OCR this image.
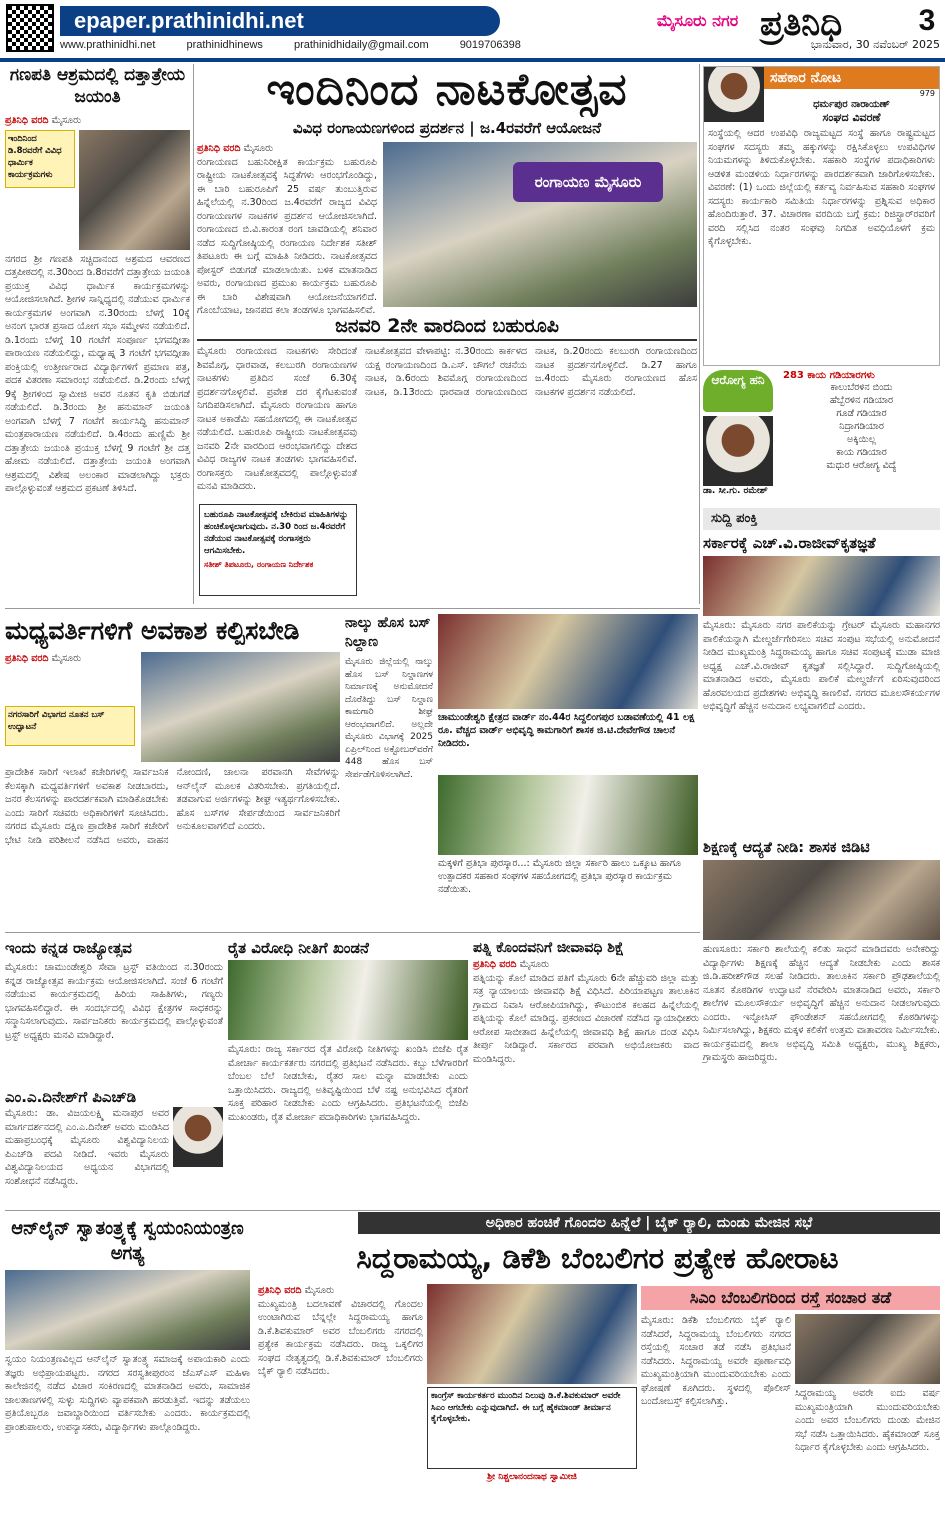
epaper.prathinidhi.net
www.prathinidhi.net	prathinidhinews	prathinidhidaily@gmail.com	9019706398
ಮೈಸೂರು ನಗರ ಪ್ರತಿನಿಧಿ	3
ಭಾನುವಾರ, 30 ನವೆಂಬರ್ 2025
ಗಣಪತಿ ಆಶ್ರಮದಲ್ಲಿ ದತ್ತಾತ್ರೇಯ ಜಯಂತಿ
ಪ್ರತಿನಿಧಿ ವರದಿ ಮೈಸೂರು
ಇಂದಿನಿಂದ ಡಿ.8ರವರೆಗೆ ವಿವಿಧ ಧಾರ್ಮಿಕ ಕಾರ್ಯಕ್ರಮಗಳು
ನಗರದ ಶ್ರೀ ಗಣಪತಿ ಸಚ್ಚಿದಾನಂದ ಆಶ್ರಮದ ಆವರಣದ ದತ್ತಪೀಠದಲ್ಲಿ ನ.30ರಿಂದ ಡಿ.8ರವರೆಗೆ ದತ್ತಾತ್ರೇಯ ಜಯಂತಿ ಪ್ರಯುಕ್ತ ವಿವಿಧ ಧಾರ್ಮಿಕ ಕಾರ್ಯಕ್ರಮಗಳನ್ನು ಆಯೋಜಿಸಲಾಗಿದೆ. ಶ್ರೀಗಳ ಸಾನ್ನಿಧ್ಯದಲ್ಲಿ ನಡೆಯುವ ಧಾರ್ಮಿಕ ಕಾರ್ಯಕ್ರಮಗಳ ಅಂಗವಾಗಿ ನ.30ರಂದು ಬೆಳಗ್ಗೆ 10ಕ್ಕೆ ಅನಂಗ ಭಾರತ ಪ್ರಸಾದ ಯೋಗ ಸಭಾ ಸಮ್ಮೇಳನ ನಡೆಯಲಿದೆ. ಡಿ.1ರಂದು ಬೆಳಗ್ಗೆ 10 ಗಂಟೆಗೆ ಸಂಪೂರ್ಣ ಭಗವದ್ಗೀತಾ ಪಾರಾಯಣ ನಡೆಯಲಿದ್ದು, ಮಧ್ಯಾಹ್ನ 3 ಗಂಟೆಗೆ ಭಗವದ್ಗೀತಾ ಪಂಕ್ತಿಯಲ್ಲಿ ಉತ್ತೀರ್ಣರಾದ ವಿದ್ಯಾರ್ಥಿಗಳಿಗೆ ಪ್ರಮಾಣ ಪತ್ರ, ಪದಕ ವಿತರಣಾ ಸಮಾರಂಭ ನಡೆಯಲಿದೆ. ಡಿ.2ರಂದು ಬೆಳಗ್ಗೆ 9ಕ್ಕೆ ಶ್ರೀಗಳಿಂದ ಸ್ವಾಮೀಜಿ ಅವರ ನೂತನ ಕೃತಿ ಬಿಡುಗಡೆ ನಡೆಯಲಿದೆ. ಡಿ.3ರಂದು ಶ್ರೀ ಹನುಮಾನ್ ಜಯಂತಿ ಅಂಗವಾಗಿ ಬೆಳಗ್ಗೆ 7 ಗಂಟೆಗೆ ಕಾರ್ಯಸಿದ್ಧಿ ಹನುಮಾನ್ ಮಂತ್ರಪಾರಾಯಣ ನಡೆಯಲಿದೆ. ಡಿ.4ರಂದು ಹುಣ್ಣಿಮೆ ಶ್ರೀ ದತ್ತಾತ್ರೇಯ ಜಯಂತಿ ಪ್ರಯುಕ್ತ ಬೆಳಗ್ಗೆ 9 ಗಂಟೆಗೆ ಶ್ರೀ ದತ್ತ ಹೋಮ ನಡೆಯಲಿದೆ. ದತ್ತಾತ್ರೇಯ ಜಯಂತಿ ಅಂಗವಾಗಿ ಆಶ್ರಮದಲ್ಲಿ ವಿಶೇಷ ಅಲಂಕಾರ ಮಾಡಲಾಗಿದ್ದು ಭಕ್ತರು ಪಾಲ್ಗೊಳ್ಳುವಂತೆ ಆಶ್ರಮದ ಪ್ರಕಟಣೆ ತಿಳಿಸಿದೆ.
ಇಂದಿನಿಂದ ನಾಟಕೋತ್ಸವ
ವಿವಿಧ ರಂಗಾಯಣಗಳಿಂದ ಪ್ರದರ್ಶನ | ಜ.4ರವರೆಗೆ ಆಯೋಜನೆ
ಪ್ರತಿನಿಧಿ ವರದಿ ಮೈಸೂರು
ರಂಗಾಯಣದ ಬಹುನಿರೀಕ್ಷಿತ ಕಾರ್ಯಕ್ರಮ ಬಹುರೂಪಿ ರಾಷ್ಟ್ರೀಯ ನಾಟಕೋತ್ಸವಕ್ಕೆ ಸಿದ್ಧತೆಗಳು ಆರಂಭಗೊಂಡಿದ್ದು, ಈ ಬಾರಿ ಬಹುರೂಪಿಗೆ 25 ವರ್ಷ ತುಂಬುತ್ತಿರುವ ಹಿನ್ನೆಲೆಯಲ್ಲಿ ನ.30ರಿಂದ ಜ.4ರವರೆಗೆ ರಾಜ್ಯದ ವಿವಿಧ ರಂಗಾಯಣಗಳ ನಾಟಕಗಳ ಪ್ರದರ್ಶನ ಆಯೋಜಿಸಲಾಗಿದೆ. ರಂಗಾಯಣದ ಬಿ.ವಿ.ಕಾರಂತ ರಂಗ ಚಾವಡಿಯಲ್ಲಿ ಶನಿವಾರ ನಡೆದ ಸುದ್ದಿಗೋಷ್ಠಿಯಲ್ಲಿ ರಂಗಾಯಣ ನಿರ್ದೇಶಕ ಸತೀಶ್ ತಿಪಟೂರು ಈ ಬಗ್ಗೆ ಮಾಹಿತಿ ನೀಡಿದರು. ನಾಟಕೋತ್ಸವದ ಪೋಸ್ಟರ್ ಬಿಡುಗಡೆ ಮಾಡಲಾಯಿತು. ಬಳಿಕ ಮಾತನಾಡಿದ ಅವರು, ರಂಗಾಯಣದ ಪ್ರಮುಖ ಕಾರ್ಯಕ್ರಮ ಬಹುರೂಪಿ ಈ ಬಾರಿ ವಿಶೇಷವಾಗಿ ಆಯೋಜನೆಯಾಗಲಿದೆ. ಗೊಂಬೆಯಾಟ, ಜಾನಪದ ಕಲಾ ತಂಡಗಳೂ ಭಾಗವಹಿಸಲಿವೆ.
ರಂಗಾಯಣ ಮೈಸೂರು
ಜನವರಿ 2ನೇ ವಾರದಿಂದ ಬಹುರೂಪಿ
ಮೈಸೂರು ರಂಗಾಯಣದ ನಾಟಕಗಳು ಸೇರಿದಂತೆ ಶಿವಮೊಗ್ಗ, ಧಾರವಾಡ, ಕಲಬುರಗಿ ರಂಗಾಯಣಗಳ ನಾಟಕಗಳು ಪ್ರತಿದಿನ ಸಂಜೆ 6.30ಕ್ಕೆ ಪ್ರದರ್ಶನಗೊಳ್ಳಲಿವೆ. ಪ್ರವೇಶ ದರ ಕೈಗೆಟಕುವಂತೆ ನಿಗದಿಪಡಿಸಲಾಗಿದೆ. ಮೈಸೂರು ರಂಗಾಯಣ ಹಾಗೂ ನಾಟಕ ಅಕಾಡೆಮಿ ಸಹಯೋಗದಲ್ಲಿ ಈ ನಾಟಕೋತ್ಸವ ನಡೆಯಲಿದೆ. ಬಹುರೂಪಿ ರಾಷ್ಟ್ರೀಯ ನಾಟಕೋತ್ಸವವು ಜನವರಿ 2ನೇ ವಾರದಿಂದ ಆರಂಭವಾಗಲಿದ್ದು ದೇಶದ ವಿವಿಧ ರಾಜ್ಯಗಳ ನಾಟಕ ತಂಡಗಳು ಭಾಗವಹಿಸಲಿವೆ. ರಂಗಾಸಕ್ತರು ನಾಟಕೋತ್ಸವದಲ್ಲಿ ಪಾಲ್ಗೊಳ್ಳುವಂತೆ ಮನವಿ ಮಾಡಿದರು.
ನಾಟಕೋತ್ಸವದ ವೇಳಾಪಟ್ಟಿ: ನ.30ರಂದು ಕಾರ್ಕಳದ ಯಕ್ಷ ರಂಗಾಯಣದಿಂದ ಡಿ.ಎಸ್. ಚೌಗಲೆ ರಚನೆಯ ನಾಟಕ, ಡಿ.6ರಂದು ಶಿವಮೊಗ್ಗ ರಂಗಾಯಣದಿಂದ ನಾಟಕ, ಡಿ.13ರಂದು ಧಾರವಾಡ ರಂಗಾಯಣದಿಂದ ನಾಟಕ, ಡಿ.20ರಂದು ಕಲಬುರಗಿ ರಂಗಾಯಣದಿಂದ ನಾಟಕ ಪ್ರದರ್ಶನಗೊಳ್ಳಲಿದೆ. ಡಿ.27 ಹಾಗೂ ಜ.4ರಂದು ಮೈಸೂರು ರಂಗಾಯಣದ ಹೊಸ ನಾಟಕಗಳ ಪ್ರದರ್ಶನ ನಡೆಯಲಿದೆ.
ಬಹುರೂಪಿ ನಾಟಕೋತ್ಸವಕ್ಕೆ ಬೇಕಿರುವ ಮಾಹಿತಿಗಳನ್ನು ಹಂಚಿಕೊಳ್ಳಲಾಗುವುದು. ನ.30 ರಿಂದ ಜ.4ರವರೆಗೆ ನಡೆಯುವ ನಾಟಕೋತ್ಸವಕ್ಕೆ ರಂಗಾಸಕ್ತರು ಆಗಮಿಸಬೇಕು.
ಸತೀಶ್ ತಿಪಟೂರು, ರಂಗಾಯಣ ನಿರ್ದೇಶಕ
ಸಹಕಾರ ನೋಟ
979
ಧರ್ಮಪುರ ನಾರಾಯಣ್
ಸಂಘದ ವಿವರಣೆ
ಸಂಸ್ಥೆಯಲ್ಲಿ ಆದರ ಉಪವಿಧಿ ರಾಜ್ಯಮಟ್ಟದ ಸಂಸ್ಥೆ ಹಾಗೂ ರಾಷ್ಟ್ರಮಟ್ಟದ ಸಂಘಗಳ ಸದಸ್ಯರು ತಮ್ಮ ಹಕ್ಕುಗಳನ್ನು ರಕ್ಷಿಸಿಕೊಳ್ಳಲು ಉಪವಿಧಿಗಳ ನಿಯಮಗಳನ್ನು ತಿಳಿದುಕೊಳ್ಳಬೇಕು. ಸಹಕಾರಿ ಸಂಸ್ಥೆಗಳ ಪದಾಧಿಕಾರಿಗಳು ಆಡಳಿತ ಮಂಡಳಿಯ ನಿರ್ಧಾರಗಳನ್ನು ಪಾರದರ್ಶಕವಾಗಿ ಜಾರಿಗೊಳಿಸಬೇಕು. ವಿವರಣೆ: (1) ಒಂದು ಜಿಲ್ಲೆಯಲ್ಲಿ ಕರ್ತವ್ಯ ನಿರ್ವಹಿಸುವ ಸಹಕಾರಿ ಸಂಘಗಳ ಸದಸ್ಯರು ಕಾರ್ಯಕಾರಿ ಸಮಿತಿಯ ನಿರ್ಧಾರಗಳನ್ನು ಪ್ರಶ್ನಿಸುವ ಅಧಿಕಾರ ಹೊಂದಿರುತ್ತಾರೆ. 37. ವಿಚಾರಣಾ ವರದಿಯ ಬಗ್ಗೆ ಕ್ರಮ: ರಿಜಿಸ್ಟ್ರಾರ್‌ರವರಿಗೆ ವರದಿ ಸಲ್ಲಿಸಿದ ನಂತರ ಸಂಘವು ನಿಗದಿತ ಅವಧಿಯೊಳಗೆ ಕ್ರಮ ಕೈಗೊಳ್ಳಬೇಕು.
ಆರೋಗ್ಯ ಹನಿ	283 ಕಾಯ ಗಡಿಯಾರಗಳು
ಕಾಲುಬೆರಳಿನ ಬಿಂದು
ಹೆಬ್ಬೆರಳಿನ ಗಡಿಯಾರ
ಗೂಡೆ ಗಡಿಯಾರ
ನಿದ್ರಾಗಡಿಯಾರ
ಅಕ್ಕಿಯಿಲ್ಲ
ಕಾಯ ಗಡಿಯಾರ
ಮಧುರ ಆರೋಗ್ಯ ವಿದ್ಯೆ
ಡಾ. ಸೀ.ಗು. ರಮೇಶ್
ಸುದ್ದಿ ಪಂಕ್ತಿ
ಸರ್ಕಾರಕ್ಕೆ ಎಚ್.ವಿ.ರಾಜೀವ್‌ಕೃತಜ್ಞತೆ
ಮೈಸೂರು: ಮೈಸೂರು ನಗರ ಪಾಲಿಕೆಯನ್ನು ಗ್ರೇಟರ್ ಮೈಸೂರು ಮಹಾನಗರ ಪಾಲಿಕೆಯನ್ನಾಗಿ ಮೇಲ್ದರ್ಜೆಗೇರಿಸಲು ಸಚಿವ ಸಂಪುಟ ಸಭೆಯಲ್ಲಿ ಅನುಮೋದನೆ ನೀಡಿದ ಮುಖ್ಯಮಂತ್ರಿ ಸಿದ್ದರಾಮಯ್ಯ ಹಾಗೂ ಸಚಿವ ಸಂಪುಟಕ್ಕೆ ಮುಡಾ ಮಾಜಿ ಅಧ್ಯಕ್ಷ ಎಚ್.ವಿ.ರಾಜೀವ್ ಕೃತಜ್ಞತೆ ಸಲ್ಲಿಸಿದ್ದಾರೆ. ಸುದ್ದಿಗೋಷ್ಠಿಯಲ್ಲಿ ಮಾತನಾಡಿದ ಅವರು, ಮೈಸೂರು ಪಾಲಿಕೆ ಮೇಲ್ದರ್ಜೆಗೆ ಏರಿಸುವುದರಿಂದ ಹೊರವಲಯದ ಪ್ರದೇಶಗಳು ಅಭಿವೃದ್ಧಿ ಕಾಣಲಿವೆ. ನಗರದ ಮೂಲಸೌಕರ್ಯಗಳ ಅಭಿವೃದ್ಧಿಗೆ ಹೆಚ್ಚಿನ ಅನುದಾನ ಲಭ್ಯವಾಗಲಿದೆ ಎಂದರು.
ಶಿಕ್ಷಣಕ್ಕೆ ಆದ್ಯತೆ ನೀಡಿ: ಶಾಸಕ ಜಿಡಿಟಿ
ಹುಣಸೂರು: ಸರ್ಕಾರಿ ಶಾಲೆಯಲ್ಲಿ ಕಲಿತು ಸಾಧನೆ ಮಾಡಿದವರು ಅನೇಕರಿದ್ದು ವಿದ್ಯಾರ್ಥಿಗಳು ಶಿಕ್ಷಣಕ್ಕೆ ಹೆಚ್ಚಿನ ಆದ್ಯತೆ ನೀಡಬೇಕು ಎಂದು ಶಾಸಕ ಜಿ.ಡಿ.ಹರೀಶ್‌ಗೌಡ ಸಲಹೆ ನೀಡಿದರು. ತಾಲೂಕಿನ ಸರ್ಕಾರಿ ಪ್ರೌಢಶಾಲೆಯಲ್ಲಿ ನೂತನ ಕೊಠಡಿಗಳ ಉದ್ಘಾಟನೆ ನೆರವೇರಿಸಿ ಮಾತನಾಡಿದ ಅವರು, ಸರ್ಕಾರಿ ಶಾಲೆಗಳ ಮೂಲಸೌಕರ್ಯ ಅಭಿವೃದ್ಧಿಗೆ ಹೆಚ್ಚಿನ ಅನುದಾನ ನೀಡಲಾಗುವುದು ಎಂದರು. ಇನ್ಫೋಸಿಸ್ ಫೌಂಡೇಶನ್ ಸಹಯೋಗದಲ್ಲಿ ಕೊಠಡಿಗಳನ್ನು ನಿರ್ಮಿಸಲಾಗಿದ್ದು, ಶಿಕ್ಷಕರು ಮಕ್ಕಳ ಕಲಿಕೆಗೆ ಉತ್ತಮ ವಾತಾವರಣ ನಿರ್ಮಿಸಬೇಕು. ಕಾರ್ಯಕ್ರಮದಲ್ಲಿ ಶಾಲಾ ಅಭಿವೃದ್ಧಿ ಸಮಿತಿ ಅಧ್ಯಕ್ಷರು, ಮುಖ್ಯ ಶಿಕ್ಷಕರು, ಗ್ರಾಮಸ್ಥರು ಹಾಜರಿದ್ದರು.
ಮಧ್ಯವರ್ತಿಗಳಿಗೆ ಅವಕಾಶ ಕಲ್ಪಿಸಬೇಡಿ
ಪ್ರತಿನಿಧಿ ವರದಿ ಮೈಸೂರು
ನಗರಸಾರಿಗೆ ವಿಭಾಗದ ನೂತನ ಬಸ್ ಉದ್ಘಾಟನೆ
ಪ್ರಾದೇಶಿಕ ಸಾರಿಗೆ ಇಲಾಖೆ ಕಚೇರಿಗಳಲ್ಲಿ ಸಾರ್ವಜನಿಕ ಕೆಲಸಕ್ಕಾಗಿ ಮಧ್ಯವರ್ತಿಗಳಿಗೆ ಅವಕಾಶ ನೀಡಬಾರದು, ಜನರ ಕೆಲಸಗಳನ್ನು ಪಾರದರ್ಶಕವಾಗಿ ಮಾಡಿಕೊಡಬೇಕು ಎಂದು ಸಾರಿಗೆ ಸಚಿವರು ಅಧಿಕಾರಿಗಳಿಗೆ ಸೂಚಿಸಿದರು. ನಗರದ ಮೈಸೂರು ದಕ್ಷಿಣ ಪ್ರಾದೇಶಿಕ ಸಾರಿಗೆ ಕಚೇರಿಗೆ ಭೇಟಿ ನೀಡಿ ಪರಿಶೀಲನೆ ನಡೆಸಿದ ಅವರು, ವಾಹನ ನೋಂದಣಿ, ಚಾಲನಾ ಪರವಾನಗಿ ಸೇವೆಗಳನ್ನು ಆನ್‌ಲೈನ್ ಮೂಲಕ ವಿತರಿಸಬೇಕು. ಪ್ರಗತಿಯಲ್ಲಿದೆ. ತಡವಾಗುವ ಅರ್ಜಿಗಳನ್ನು ಶೀಘ್ರ ಇತ್ಯರ್ಥಗೊಳಿಸಬೇಕು. ಹೊಸ ಬಸ್‌ಗಳ ಸೇರ್ಪಡೆಯಿಂದ ಸಾರ್ವಜನಿಕರಿಗೆ ಅನುಕೂಲವಾಗಲಿದೆ ಎಂದರು.
ನಾಲ್ಕು ಹೊಸ ಬಸ್ ನಿಲ್ದಾಣ
ಮೈಸೂರು ಜಿಲ್ಲೆಯಲ್ಲಿ ನಾಲ್ಕು ಹೊಸ ಬಸ್ ನಿಲ್ದಾಣಗಳ ನಿರ್ಮಾಣಕ್ಕೆ ಅನುಮೋದನೆ ದೊರೆತಿದ್ದು ಬಸ್ ನಿಲ್ದಾಣ ಕಾಮಗಾರಿ ಶೀಘ್ರ ಆರಂಭವಾಗಲಿದೆ. ಅಲ್ಲದೇ ಮೈಸೂರು ವಿಭಾಗಕ್ಕೆ 2025 ಏಪ್ರಿಲ್‌ನಿಂದ ಅಕ್ಟೋಬರ್‌ವರೆಗೆ 448 ಹೊಸ ಬಸ್ ಸೇರ್ಪಡೆಗೊಳಿಸಲಾಗಿದೆ.
ಚಾಮುಂಡೇಶ್ವರಿ ಕ್ಷೇತ್ರದ ವಾರ್ಡ್ ನಂ.44ರ ಸಿದ್ದಲಿಂಗಪುರ ಬಡಾವಣೆಯಲ್ಲಿ 41 ಲಕ್ಷ ರೂ. ವೆಚ್ಚದ ವಾರ್ಡ್ ಅಭಿವೃದ್ಧಿ ಕಾಮಗಾರಿಗೆ ಶಾಸಕ ಜಿ.ಟಿ.ದೇವೇಗೌಡ ಚಾಲನೆ ನೀಡಿದರು.
ಮಕ್ಕಳಿಗೆ ಪ್ರತಿಭಾ ಪುರಸ್ಕಾರ...: ಮೈಸೂರು ಜಿಲ್ಲಾ ಸರ್ಕಾರಿ ಹಾಲು ಒಕ್ಕೂಟ ಹಾಗೂ ಉತ್ಪಾದಕರ ಸಹಕಾರ ಸಂಘಗಳ ಸಹಯೋಗದಲ್ಲಿ ಪ್ರತಿಭಾ ಪುರಸ್ಕಾರ ಕಾರ್ಯಕ್ರಮ ನಡೆಯಿತು.
ಇಂದು ಕನ್ನಡ ರಾಜ್ಯೋತ್ಸವ
ಮೈಸೂರು: ಚಾಮುಂಡೇಶ್ವರಿ ಸೇವಾ ಟ್ರಸ್ಟ್ ವತಿಯಿಂದ ನ.30ರಂದು ಕನ್ನಡ ರಾಜ್ಯೋತ್ಸವ ಕಾರ್ಯಕ್ರಮ ಆಯೋಜಿಸಲಾಗಿದೆ. ಸಂಜೆ 6 ಗಂಟೆಗೆ ನಡೆಯುವ ಕಾರ್ಯಕ್ರಮದಲ್ಲಿ ಹಿರಿಯ ಸಾಹಿತಿಗಳು, ಗಣ್ಯರು ಭಾಗವಹಿಸಲಿದ್ದಾರೆ. ಈ ಸಂದರ್ಭದಲ್ಲಿ ವಿವಿಧ ಕ್ಷೇತ್ರಗಳ ಸಾಧಕರನ್ನು ಸನ್ಮಾನಿಸಲಾಗುವುದು. ಸಾರ್ವಜನಿಕರು ಕಾರ್ಯಕ್ರಮದಲ್ಲಿ ಪಾಲ್ಗೊಳ್ಳುವಂತೆ ಟ್ರಸ್ಟ್ ಅಧ್ಯಕ್ಷರು ಮನವಿ ಮಾಡಿದ್ದಾರೆ.
ಎಂ.ಎ.ದಿನೇಶ್‌ಗೆ ಪಿಎಚ್‌ಡಿ
ಮೈಸೂರು: ಡಾ. ವಿಜಯಲಕ್ಷ್ಮಿ ಮನಾಪುರ ಅವರ ಮಾರ್ಗದರ್ಶನದಲ್ಲಿ ಎಂ.ಎ.ದಿನೇಶ್ ಅವರು ಮಂಡಿಸಿದ ಮಹಾಪ್ರಬಂಧಕ್ಕೆ ಮೈಸೂರು ವಿಶ್ವವಿದ್ಯಾನಿಲಯ ಪಿಎಚ್‌ಡಿ ಪದವಿ ನೀಡಿದೆ. ಇವರು ಮೈಸೂರು ವಿಶ್ವವಿದ್ಯಾನಿಲಯದ ಅಧ್ಯಯನ ವಿಭಾಗದಲ್ಲಿ ಸಂಶೋಧನೆ ನಡೆಸಿದ್ದರು.
ರೈತ ವಿರೋಧಿ ನೀತಿಗೆ ಖಂಡನೆ
ಮೈಸೂರು: ರಾಜ್ಯ ಸರ್ಕಾರದ ರೈತ ವಿರೋಧಿ ನೀತಿಗಳನ್ನು ಖಂಡಿಸಿ ಬಿಜೆಪಿ ರೈತ ಮೋರ್ಚಾ ಕಾರ್ಯಕರ್ತರು ನಗರದಲ್ಲಿ ಪ್ರತಿಭಟನೆ ನಡೆಸಿದರು. ಕಬ್ಬು ಬೆಳೆಗಾರರಿಗೆ ಬೆಂಬಲ ಬೆಲೆ ನೀಡಬೇಕು, ರೈತರ ಸಾಲ ಮನ್ನಾ ಮಾಡಬೇಕು ಎಂದು ಒತ್ತಾಯಿಸಿದರು. ರಾಜ್ಯದಲ್ಲಿ ಅತಿವೃಷ್ಟಿಯಿಂದ ಬೆಳೆ ನಷ್ಟ ಅನುಭವಿಸಿದ ರೈತರಿಗೆ ಸೂಕ್ತ ಪರಿಹಾರ ನೀಡಬೇಕು ಎಂದು ಆಗ್ರಹಿಸಿದರು. ಪ್ರತಿಭಟನೆಯಲ್ಲಿ ಬಿಜೆಪಿ ಮುಖಂಡರು, ರೈತ ಮೋರ್ಚಾ ಪದಾಧಿಕಾರಿಗಳು ಭಾಗವಹಿಸಿದ್ದರು.
ಪತ್ನಿ ಕೊಂದವನಿಗೆ ಜೀವಾವಧಿ ಶಿಕ್ಷೆ
ಪ್ರತಿನಿಧಿ ವರದಿ ಮೈಸೂರು
ಪತ್ನಿಯನ್ನು ಕೊಲೆ ಮಾಡಿದ ಪತಿಗೆ ಮೈಸೂರು 6ನೇ ಹೆಚ್ಚುವರಿ ಜಿಲ್ಲಾ ಮತ್ತು ಸತ್ರ ನ್ಯಾಯಾಲಯ ಜೀವಾವಧಿ ಶಿಕ್ಷೆ ವಿಧಿಸಿದೆ. ಪಿರಿಯಾಪಟ್ಟಣ ತಾಲೂಕಿನ ಗ್ರಾಮದ ನಿವಾಸಿ ಆರೋಪಿಯಾಗಿದ್ದು, ಕೌಟುಂಬಿಕ ಕಲಹದ ಹಿನ್ನೆಲೆಯಲ್ಲಿ ಪತ್ನಿಯನ್ನು ಕೊಲೆ ಮಾಡಿದ್ದ. ಪ್ರಕರಣದ ವಿಚಾರಣೆ ನಡೆಸಿದ ನ್ಯಾಯಾಧೀಶರು ಆರೋಪ ಸಾಬೀತಾದ ಹಿನ್ನೆಲೆಯಲ್ಲಿ ಜೀವಾವಧಿ ಶಿಕ್ಷೆ ಹಾಗೂ ದಂಡ ವಿಧಿಸಿ ತೀರ್ಪು ನೀಡಿದ್ದಾರೆ. ಸರ್ಕಾರದ ಪರವಾಗಿ ಅಭಿಯೋಜಕರು ವಾದ ಮಂಡಿಸಿದ್ದರು.
ಆನ್‌ಲೈನ್ ಸ್ವಾತಂತ್ರ್ಯಕ್ಕೆ ಸ್ವಯಂನಿಯಂತ್ರಣ ಅಗತ್ಯ
ಸ್ವಯಂ ನಿಯಂತ್ರಣವಿಲ್ಲದ ಆನ್‌ಲೈನ್ ಸ್ವಾತಂತ್ರ್ಯ ಸಮಾಜಕ್ಕೆ ಅಪಾಯಕಾರಿ ಎಂದು ತಜ್ಞರು ಅಭಿಪ್ರಾಯಪಟ್ಟರು. ನಗರದ ಸರಸ್ವತೀಪುರಂನ ಜೆಎಸ್‌ಎಸ್ ಮಹಿಳಾ ಕಾಲೇಜಿನಲ್ಲಿ ನಡೆದ ವಿಚಾರ ಸಂಕಿರಣದಲ್ಲಿ ಮಾತನಾಡಿದ ಅವರು, ಸಾಮಾಜಿಕ ಜಾಲತಾಣಗಳಲ್ಲಿ ಸುಳ್ಳು ಸುದ್ದಿಗಳು ವ್ಯಾಪಕವಾಗಿ ಹರಡುತ್ತಿವೆ. ಇದನ್ನು ತಡೆಯಲು ಪ್ರತಿಯೊಬ್ಬರೂ ಜವಾಬ್ದಾರಿಯಿಂದ ವರ್ತಿಸಬೇಕು ಎಂದರು. ಕಾರ್ಯಕ್ರಮದಲ್ಲಿ ಪ್ರಾಂಶುಪಾಲರು, ಉಪನ್ಯಾಸಕರು, ವಿದ್ಯಾರ್ಥಿಗಳು ಪಾಲ್ಗೊಂಡಿದ್ದರು.
ಅಧಿಕಾರ ಹಂಚಿಕೆ ಗೊಂದಲ ಹಿನ್ನೆಲೆ | ಬೈಕ್ ರ್‍ಯಾಲಿ, ದುಂಡು ಮೇಜಿನ ಸಭೆ
ಸಿದ್ದರಾಮಯ್ಯ, ಡಿಕೆಶಿ ಬೆಂಬಲಿಗರ ಪ್ರತ್ಯೇಕ ಹೋರಾಟ
ಪ್ರತಿನಿಧಿ ವರದಿ ಮೈಸೂರು
ಮುಖ್ಯಮಂತ್ರಿ ಬದಲಾವಣೆ ವಿಚಾರದಲ್ಲಿ ಗೊಂದಲ ಉಂಟಾಗಿರುವ ಬೆನ್ನಲ್ಲೇ ಸಿದ್ದರಾಮಯ್ಯ ಹಾಗೂ ಡಿ.ಕೆ.ಶಿವಕುಮಾರ್ ಅವರ ಬೆಂಬಲಿಗರು ನಗರದಲ್ಲಿ ಪ್ರತ್ಯೇಕ ಕಾರ್ಯಕ್ರಮ ನಡೆಸಿದರು. ರಾಜ್ಯ ಒಕ್ಕಲಿಗರ ಸಂಘದ ನೇತೃತ್ವದಲ್ಲಿ ಡಿ.ಕೆ.ಶಿವಕುಮಾರ್ ಬೆಂಬಲಿಗರು ಬೈಕ್ ರ್‍ಯಾಲಿ ನಡೆಸಿದರು.
ಕಾಂಗ್ರೆಸ್ ಕಾರ್ಯಕರ್ತರ ಮುಂದಿನ ನಿಲುವು ಡಿ.ಕೆ.ಶಿವಕುಮಾರ್ ಅವರೇ ಸಿಎಂ ಆಗಬೇಕು ಎನ್ನುವುದಾಗಿದೆ. ಈ ಬಗ್ಗೆ ಹೈಕಮಾಂಡ್ ತೀರ್ಮಾನ ಕೈಗೊಳ್ಳಬೇಕು.
ಶ್ರೀ ನಿಶ್ಚಲಾನಂದನಾಥ ಸ್ವಾಮೀಜಿ
ಸಿಎಂ ಬೆಂಬಲಿಗರಿಂದ ರಸ್ತೆ ಸಂಚಾರ ತಡೆ
ಮೈಸೂರು: ಡಿಕೆಶಿ ಬೆಂಬಲಿಗರು ಬೈಕ್ ರ್‍ಯಾಲಿ ನಡೆಸಿದರೆ, ಸಿದ್ದರಾಮಯ್ಯ ಬೆಂಬಲಿಗರು ನಗರದ ರಸ್ತೆಯಲ್ಲಿ ಸಂಚಾರ ತಡೆ ನಡೆಸಿ ಪ್ರತಿಭಟನೆ ನಡೆಸಿದರು. ಸಿದ್ದರಾಮಯ್ಯ ಅವರೇ ಪೂರ್ಣಾವಧಿ ಮುಖ್ಯಮಂತ್ರಿಯಾಗಿ ಮುಂದುವರಿಯಬೇಕು ಎಂದು ಘೋಷಣೆ ಕೂಗಿದರು. ಸ್ಥಳದಲ್ಲಿ ಪೊಲೀಸ್ ಬಂದೋಬಸ್ತ್ ಕಲ್ಪಿಸಲಾಗಿತ್ತು.
ಸಿದ್ದರಾಮಯ್ಯ ಅವರೇ ಐದು ವರ್ಷ ಮುಖ್ಯಮಂತ್ರಿಯಾಗಿ ಮುಂದುವರಿಯಬೇಕು ಎಂದು ಅವರ ಬೆಂಬಲಿಗರು ದುಂಡು ಮೇಜಿನ ಸಭೆ ನಡೆಸಿ ಒತ್ತಾಯಿಸಿದರು. ಹೈಕಮಾಂಡ್ ಸೂಕ್ತ ನಿರ್ಧಾರ ಕೈಗೊಳ್ಳಬೇಕು ಎಂದು ಆಗ್ರಹಿಸಿದರು.
